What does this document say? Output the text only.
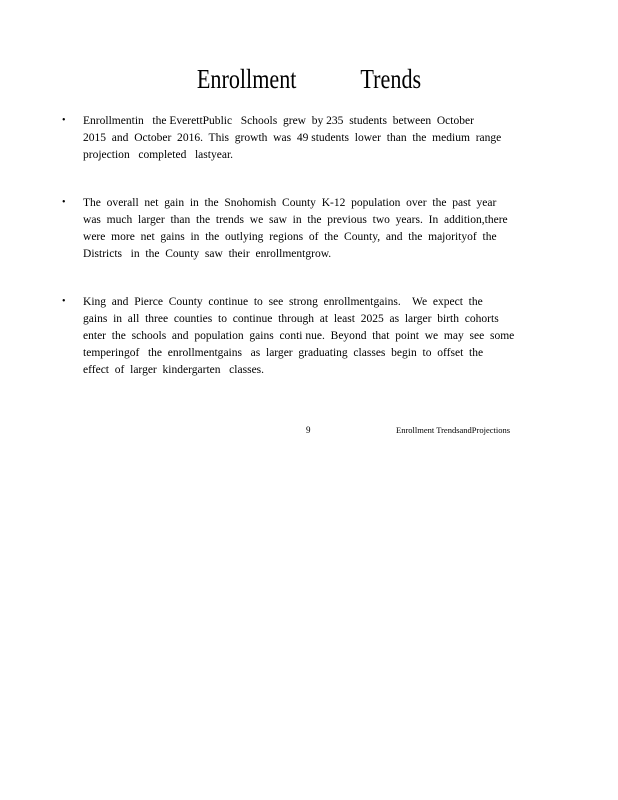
Enrollment Trends
• Enrollmentin   the EverettPublic   Schools  grew  by 235  students  between  October
2015  and  October  2016.  This  growth  was  49 students  lower  than  the  medium  range
projection   completed   lastyear.
• The  overall  net  gain  in  the  Snohomish  County  K-12  population  over  the  past  year
was  much  larger  than  the  trends  we  saw  in  the  previous  two  years.  In  addition,there
were  more  net  gains  in  the  outlying  regions  of  the  County,  and  the  majorityof  the
Districts   in  the  County  saw  their  enrollmentgrow.
• King  and  Pierce  County  continue  to  see  strong  enrollmentgains.    We  expect  the
gains  in  all  three  counties  to  continue  through  at  least  2025  as  larger  birth  cohorts
enter  the  schools  and  population  gains  conti nue.  Beyond  that  point  we  may  see  some
temperingof   the  enrollmentgains   as  larger  graduating  classes  begin  to  offset  the
effect  of  larger  kindergarten   classes.
9	Enrollment TrendsandProjections
